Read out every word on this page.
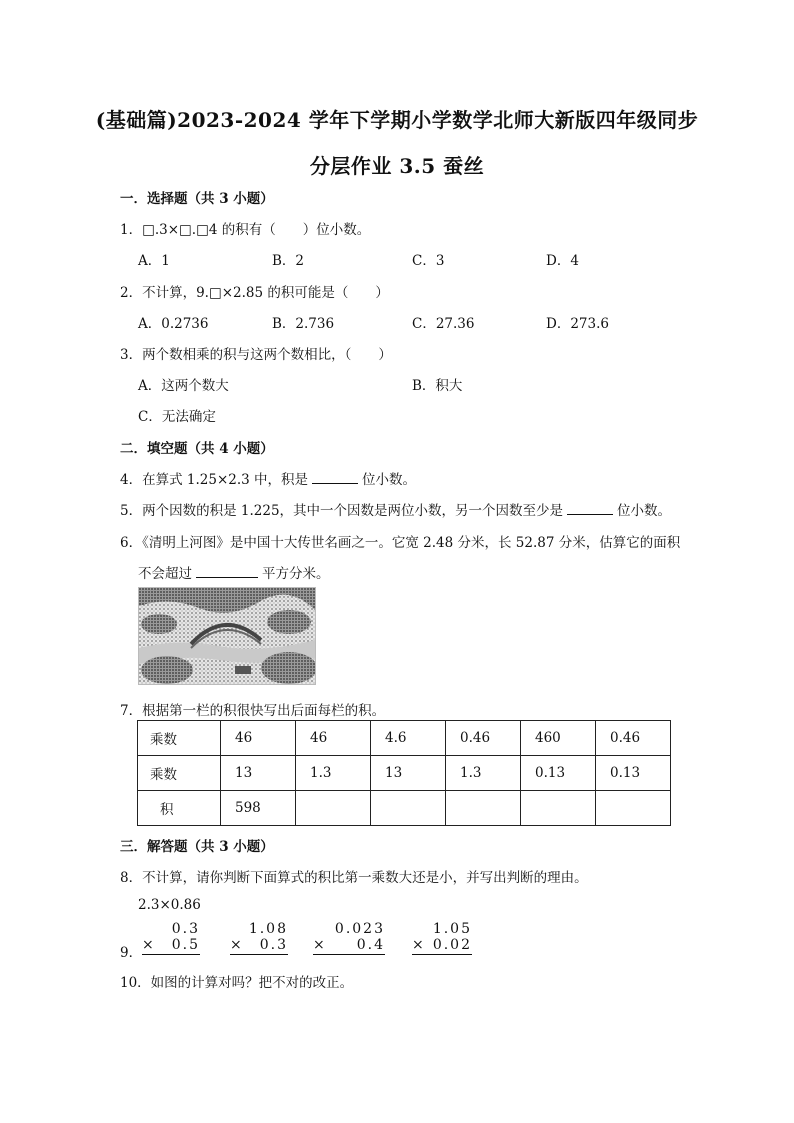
(基础篇)2023-2024 学年下学期小学数学北师大新版四年级同步
分层作业 3.5 蚕丝
一．选择题（共 3 小题）
1．□.3×□.□4 的积有（　　）位小数。
A．1	B．2	C．3	D．4
2．不计算，9.□×2.85 的积可能是（　　）
A．0.2736	B．2.736	C．27.36	D．273.6
3．两个数相乘的积与这两个数相比，（　　）
A．这两个数大	B．积大
C．无法确定
二．填空题（共 4 小题）
4．在算式 1.25×2.3 中，积是	位小数。
5．两个因数的积是 1.225，其中一个因数是两位小数，另一个因数至少是	位小数。
6．《清明上河图》是中国十大传世名画之一。它宽 2.48 分米，长 52.87 分米，估算它的面积
不会超过	平方分米。
7．根据第一栏的积很快写出后面每栏的积。
乘数	46	46	4.6	0.46	460	0.46
乘数	13	1.3	13	1.3	0.13	0.13
积	598					
三．解答题（共 3 小题）
8．不计算，请你判断下面算式的积比第一乘数大还是小，并写出判断的理由。
2.3×0.86
9．
0.3
× 0.5
1.08
× 0.3
0.023
× 0.4
1.05
× 0.02
10．如图的计算对吗？把不对的改正。
